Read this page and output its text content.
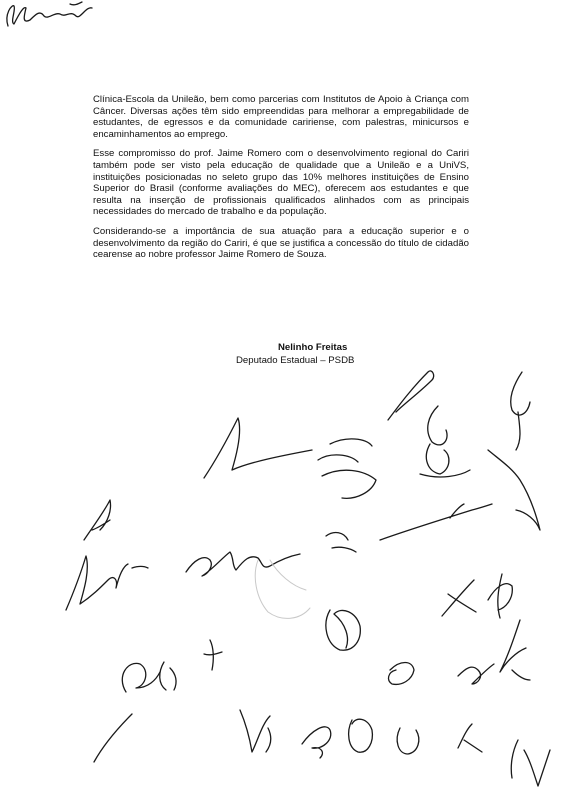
Clínica-Escola da Unileão, bem como parcerias com Institutos de Apoio à Criança com Câncer. Diversas ações têm sido empreendidas para melhorar a empregabilidade de estudantes, de egressos e da comunidade caririense, com palestras, minicursos e encaminhamentos ao emprego.

Esse compromisso do prof. Jaime Romero com o desenvolvimento regional do Cariri também pode ser visto pela educação de qualidade que a Unileão e a UniVS, instituições posicionadas no seleto grupo das 10% melhores instituições de Ensino Superior do Brasil (conforme avaliações do MEC), oferecem aos estudantes e que resulta na inserção de profissionais qualificados alinhados com as principais necessidades do mercado de trabalho e da população.

Considerando-se a importância de sua atuação para a educação superior e o desenvolvimento da região do Cariri, é que se justifica a concessão do título de cidadão cearense ao nobre professor Jaime Romero de Souza.

Nelinho Freitas
Deputado Estadual – PSDB
